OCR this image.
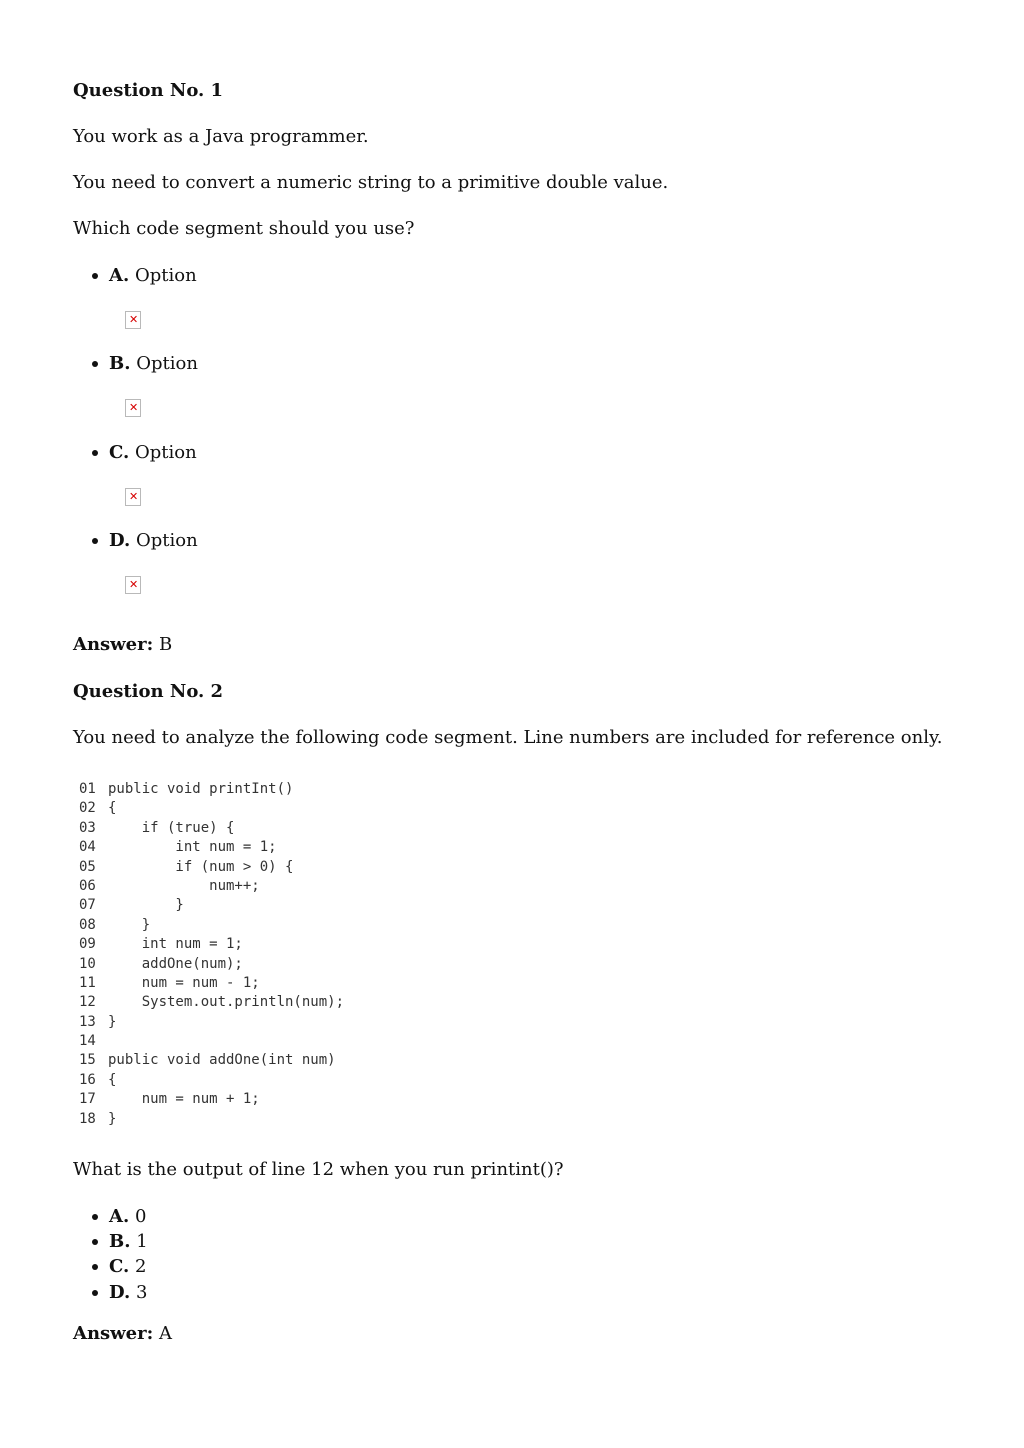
Question No. 1
You work as a Java programmer.
You need to convert a numeric string to a primitive double value.
Which code segment should you use?
A. Option
✕
B. Option
✕
C. Option
✕
D. Option
✕
Answer: B
Question No. 2
You need to analyze the following code segment. Line numbers are included for reference only.
01 public void printInt()
02 {
03    if (true) {
04        int num = 1;
05        if (num > 0) {
06            num++;
07        }
08    }
09    int num = 1;
10    addOne(num);
11    num = num - 1;
12    System.out.println(num);
13 }
14
15 public void addOne(int num)
16 {
17    num = num + 1;
18 }
What is the output of line 12 when you run printint()?
A. 0
B. 1
C. 2
D. 3
Answer: A
